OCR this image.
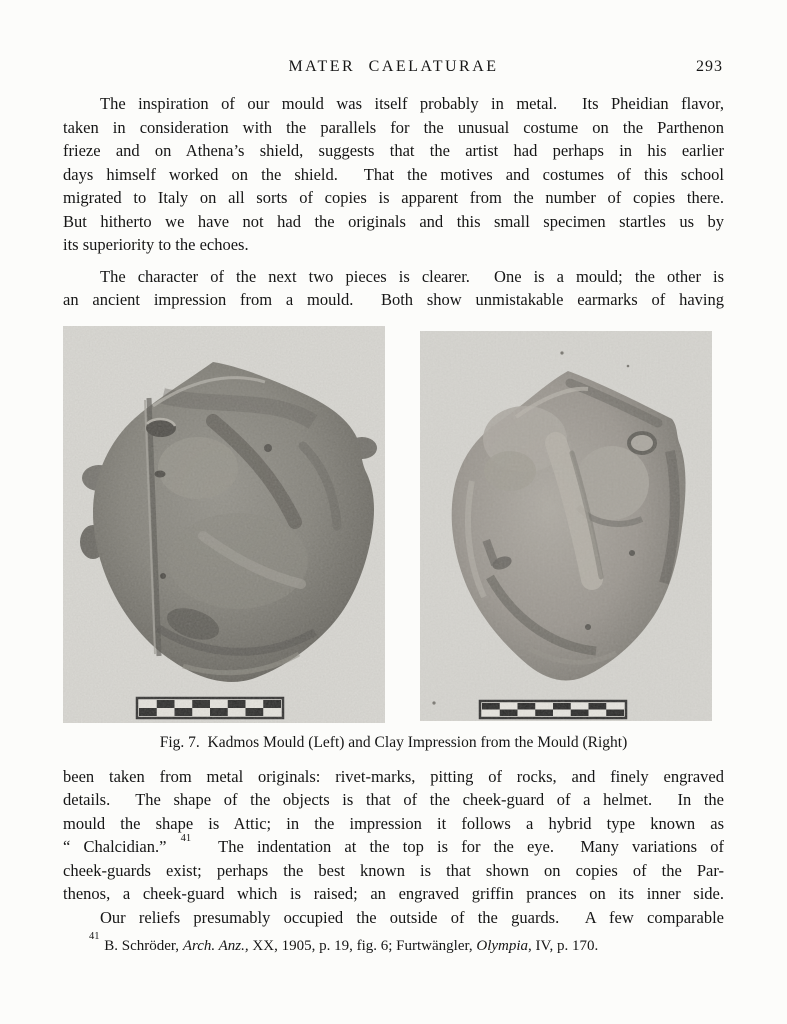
MATER CAELATURAE	293
The inspiration of our mould was itself probably in metal.  Its Pheidian flavor,
taken in consideration with the parallels for the unusual costume on the Parthenon
frieze and on Athena’s shield, suggests that the artist had perhaps in his earlier
days himself worked on the shield.  That the motives and costumes of this school
migrated to Italy on all sorts of copies is apparent from the number of copies there.
But hitherto we have not had the originals and this small specimen startles us by
its superiority to the echoes.
The character of the next two pieces is clearer.  One is a mould; the other is
an ancient impression from a mould.  Both show unmistakable earmarks of having
Fig. 7.  Kadmos Mould (Left) and Clay Impression from the Mould (Right)
been taken from metal originals: rivet-marks, pitting of rocks, and finely engraved
details.  The shape of the objects is that of the cheek-guard of a helmet.  In the
mould the shape is Attic; in the impression it follows a hybrid type known as
“ Chalcidian.” $^{41}$  The indentation at the top is for the eye.  Many variations of
cheek-guards exist; perhaps the best known is that shown on copies of the Par-
thenos, a cheek-guard which is raised; an engraved griffin prances on its inner side.
Our reliefs presumably occupied the outside of the guards.  A few comparable
$^{41}$ B. Schröder, Arch. Anz., XX, 1905, p. 19, fig. 6; Furtwängler, Olympia, IV, p. 170.
